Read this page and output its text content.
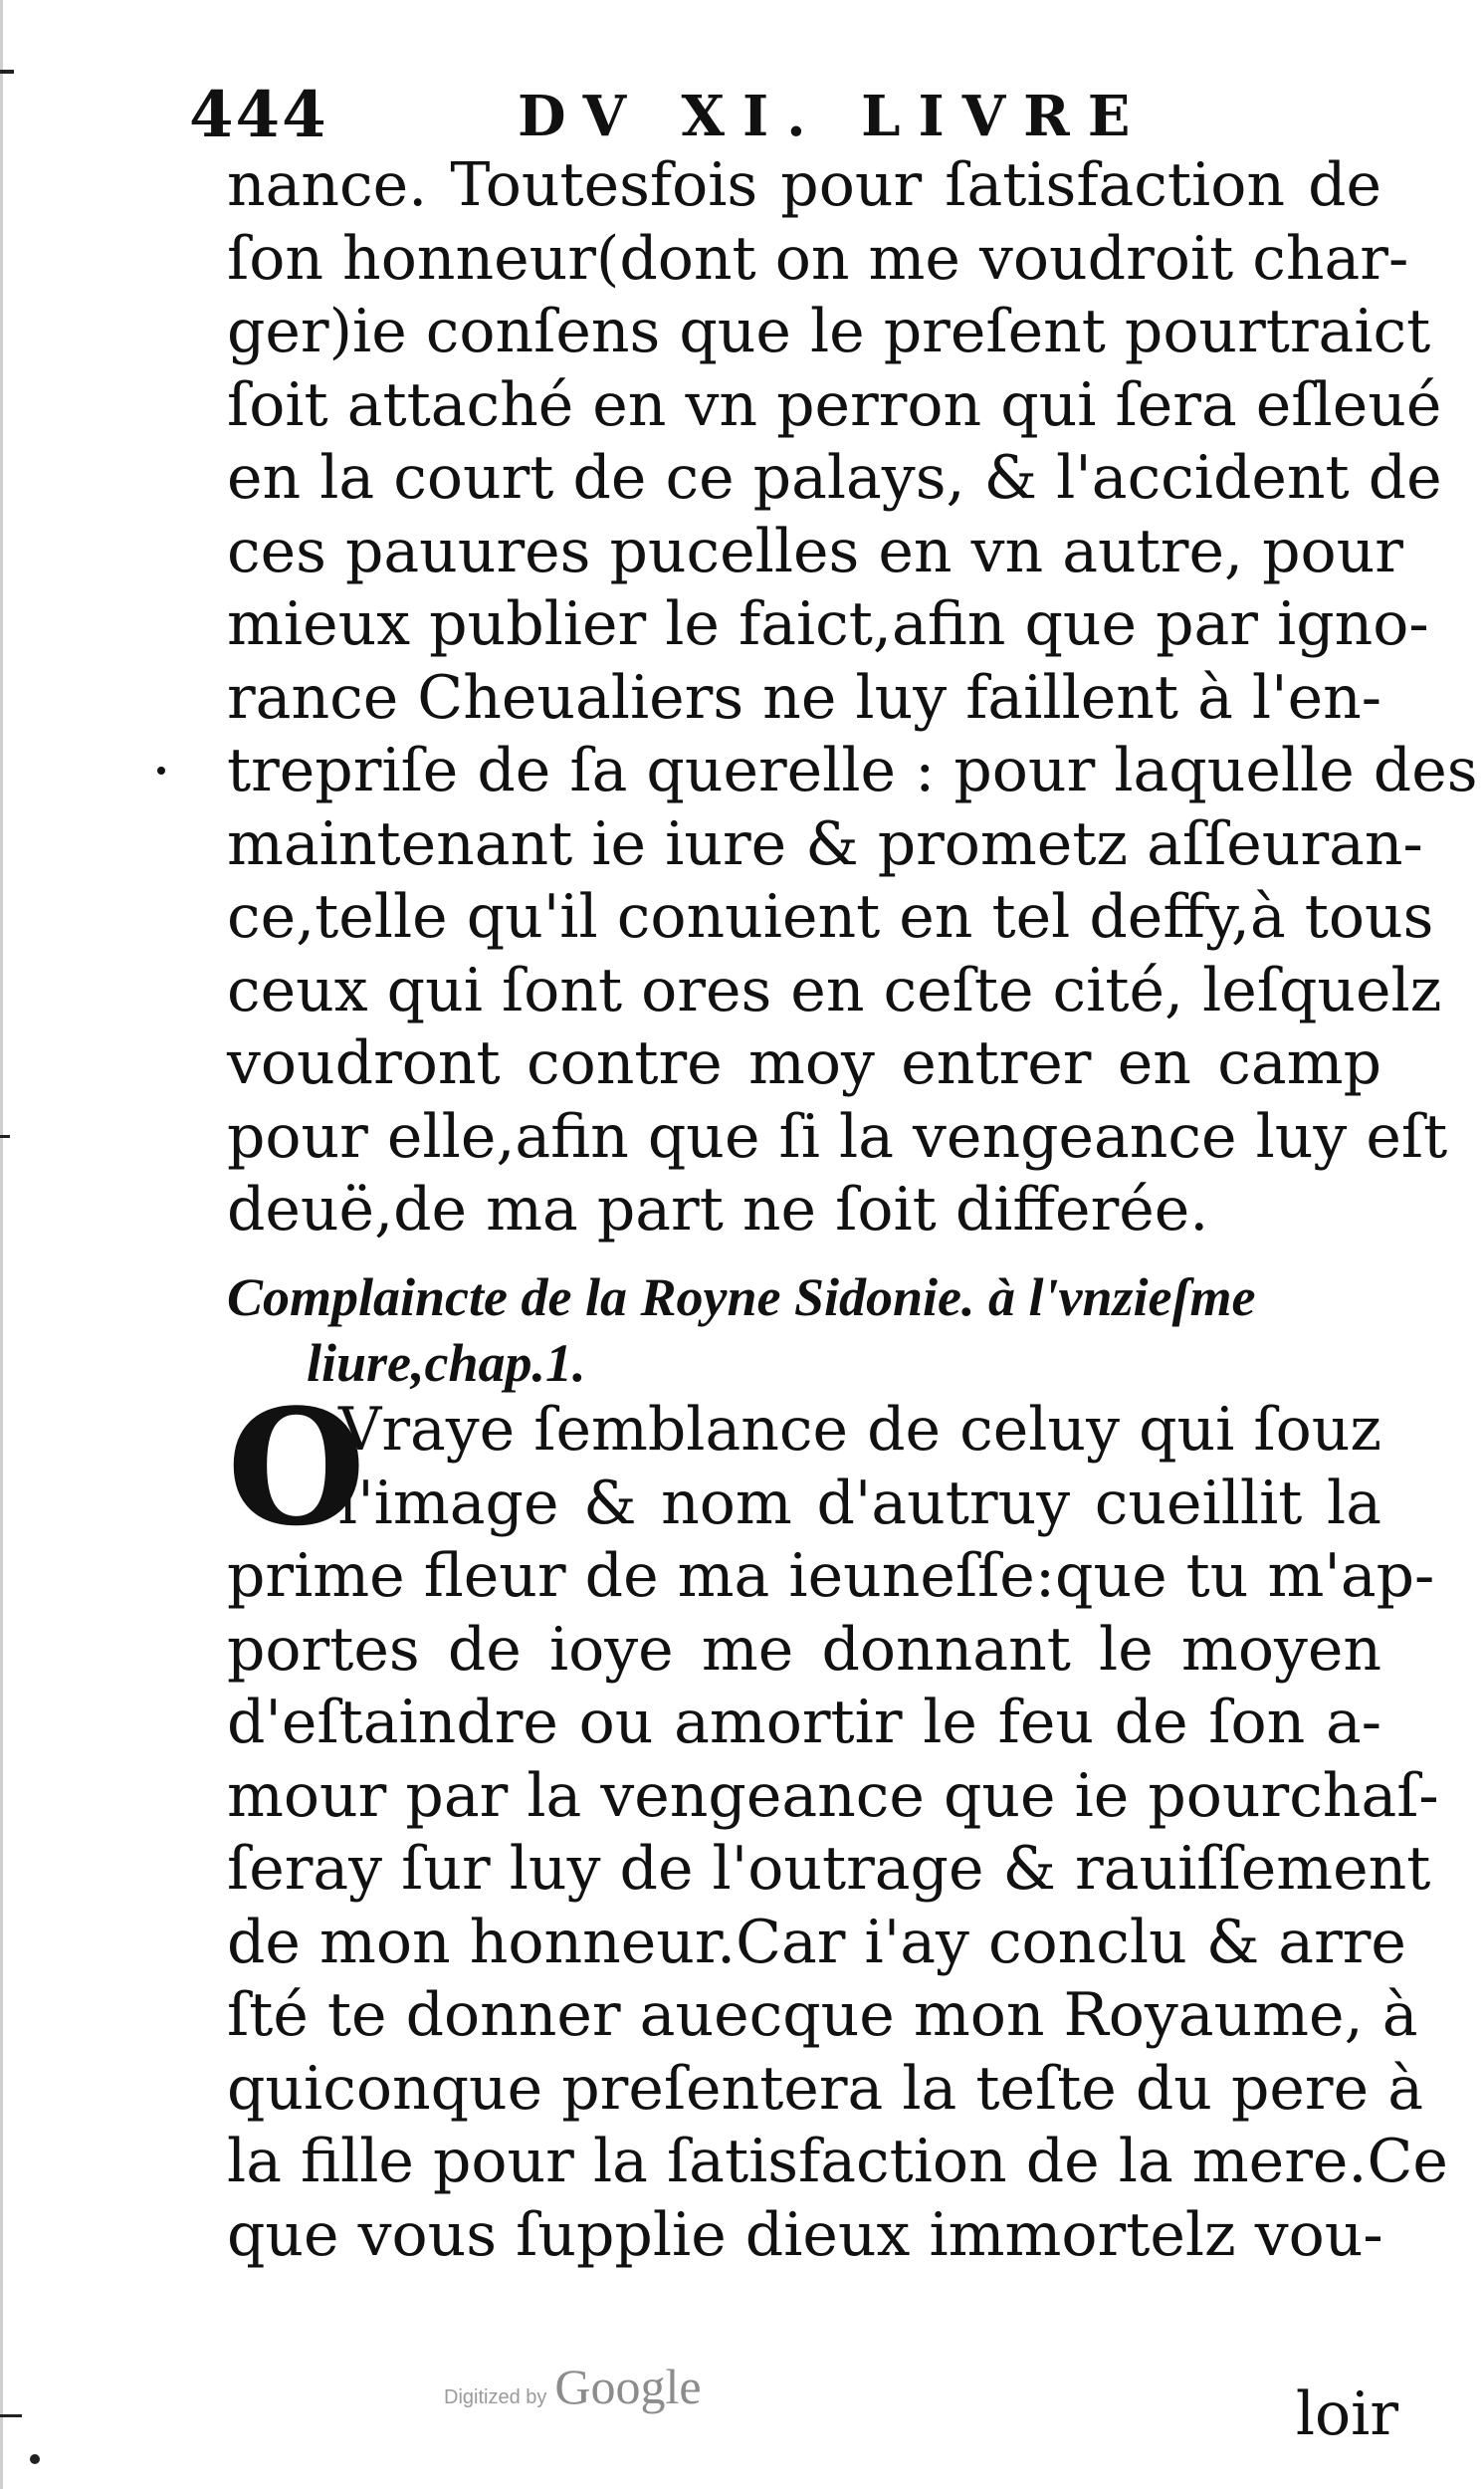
444	DV XI. LIVRE
nance. Toutesfois pour ſatisfaction de
ſon honneur(dont on me voudroit char-
ger)ie conſens que le preſent pourtraict
ſoit attaché en vn perron qui ſera eſleué
en la court de ce palays, & l'accident de
ces pauures pucelles en vn autre, pour
mieux publier le faict,afin que par igno-
rance Cheualiers ne luy faillent à l'en-
trepriſe de ſa querelle : pour laquelle des
maintenant ie iure & prometz aſſeuran-
ce,telle qu'il conuient en tel deffy,à tous
ceux qui ſont ores en ceſte cité, leſquelz
voudront contre moy entrer en camp
pour elle,afin que ſi la vengeance luy eſt
deuë,de ma part ne ſoit differée.
Complaincte de la Royne Sidonie. à l'vnzieſme
liure,chap.1.
O
Vraye ſemblance de celuy qui ſouz
l'image & nom d'autruy cueillit la
prime fleur de ma ieuneſſe:que tu m'ap-
portes de ioye me donnant le moyen
d'eſtaindre ou amortir le feu de ſon a-
mour par la vengeance que ie pourchaſ-
ſeray ſur luy de l'outrage & rauiſſement
de mon honneur.Car i'ay conclu & arre
ſté te donner auecque mon Royaume, à
quiconque preſentera la teſte du pere à
la fille pour la ſatisfaction de la mere.Ce
que vous ſupplie dieux immortelz vou-
loir
Digitized by Google
